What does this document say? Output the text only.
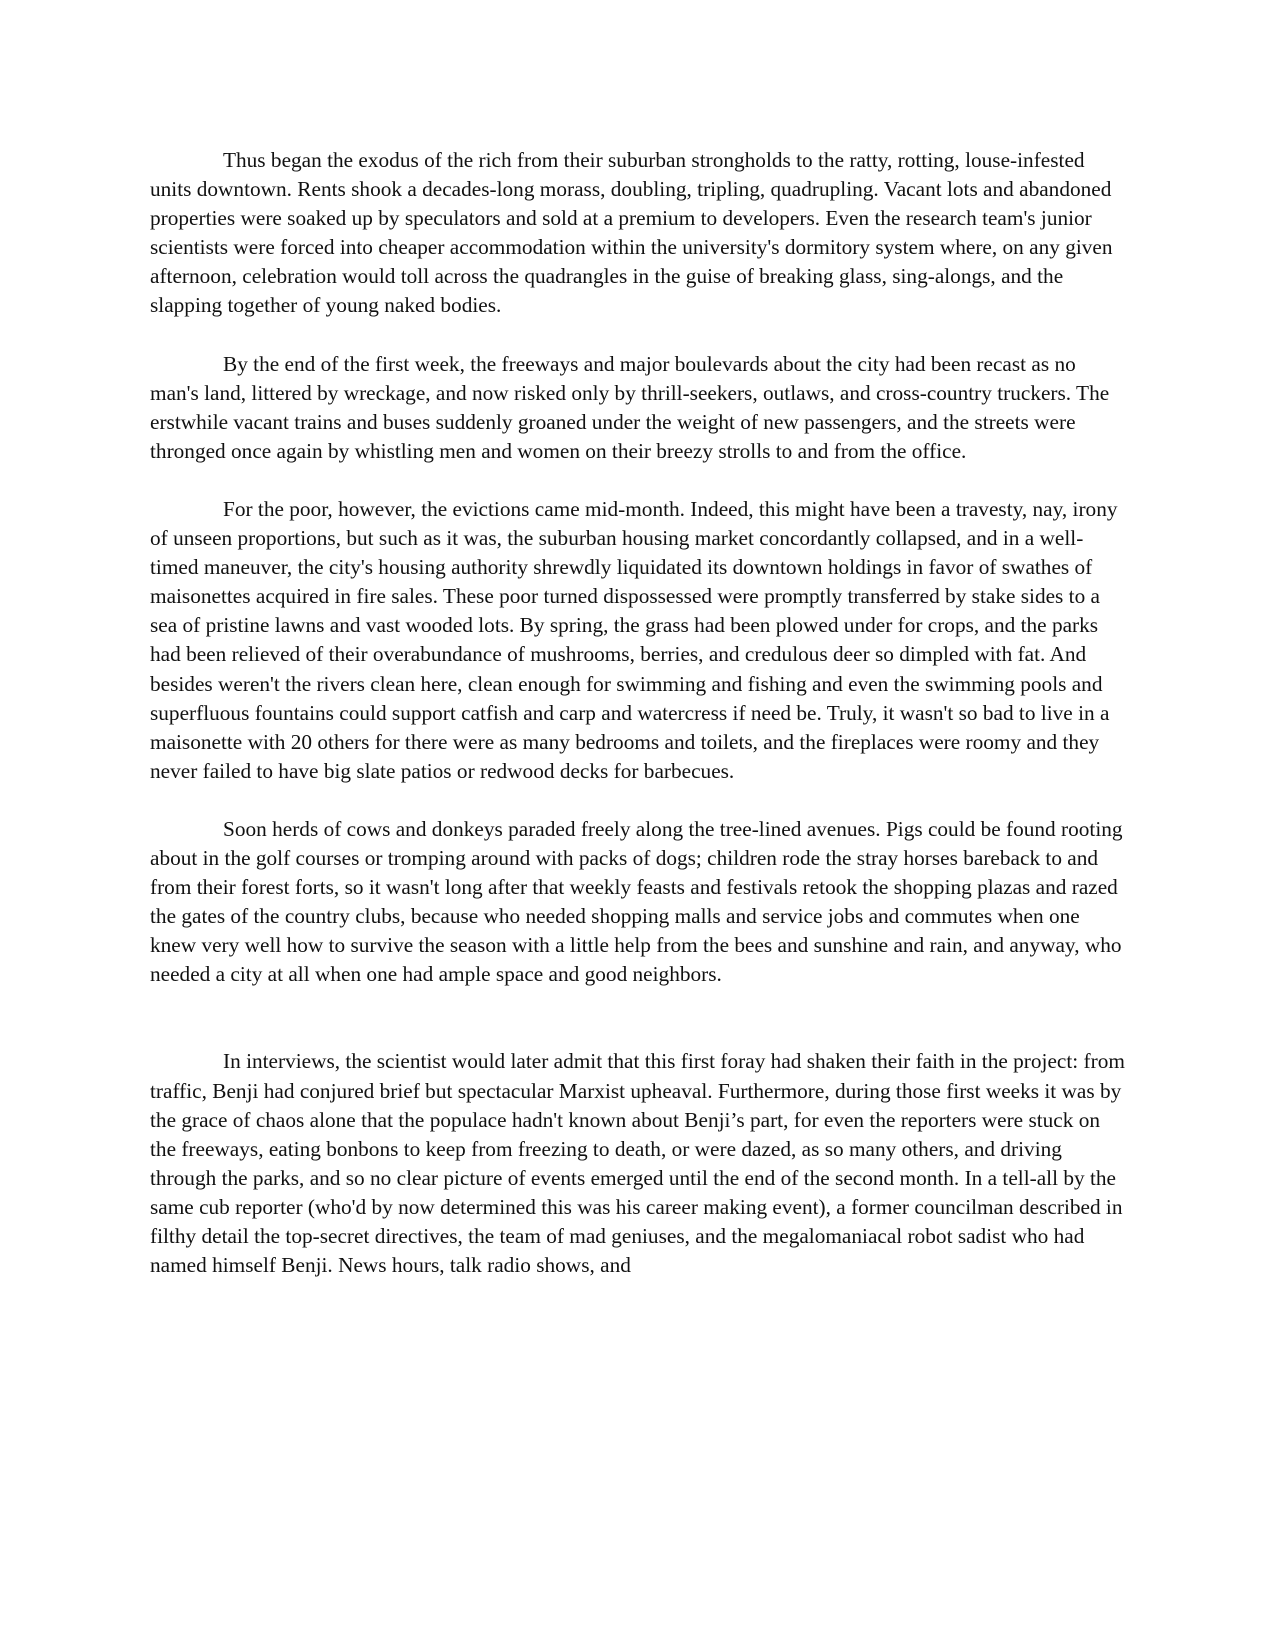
Thus began the exodus of the rich from their suburban strongholds to the ratty, rotting, louse-infested units downtown. Rents shook a decades-long morass, doubling, tripling, quadrupling. Vacant lots and abandoned properties were soaked up by speculators and sold at a premium to developers. Even the research team's junior scientists were forced into cheaper accommodation within the university's dormitory system where, on any given afternoon, celebration would toll across the quadrangles in the guise of breaking glass, sing-alongs, and the slapping together of young naked bodies.

By the end of the first week, the freeways and major boulevards about the city had been recast as no man's land, littered by wreckage, and now risked only by thrill-seekers, outlaws, and cross-country truckers. The erstwhile vacant trains and buses suddenly groaned under the weight of new passengers, and the streets were thronged once again by whistling men and women on their breezy strolls to and from the office.

For the poor, however, the evictions came mid-month. Indeed, this might have been a travesty, nay, irony of unseen proportions, but such as it was, the suburban housing market concordantly collapsed, and in a well-timed maneuver, the city's housing authority shrewdly liquidated its downtown holdings in favor of swathes of maisonettes acquired in fire sales. These poor turned dispossessed were promptly transferred by stake sides to a sea of pristine lawns and vast wooded lots. By spring, the grass had been plowed under for crops, and the parks had been relieved of their overabundance of mushrooms, berries, and credulous deer so dimpled with fat. And besides weren't the rivers clean here, clean enough for swimming and fishing and even the swimming pools and superfluous fountains could support catfish and carp and watercress if need be. Truly, it wasn't so bad to live in a maisonette with 20 others for there were as many bedrooms and toilets, and the fireplaces were roomy and they never failed to have big slate patios or redwood decks for barbecues.

Soon herds of cows and donkeys paraded freely along the tree-lined avenues. Pigs could be found rooting about in the golf courses or tromping around with packs of dogs; children rode the stray horses bareback to and from their forest forts, so it wasn't long after that weekly feasts and festivals retook the shopping plazas and razed the gates of the country clubs, because who needed shopping malls and service jobs and commutes when one knew very well how to survive the season with a little help from the bees and sunshine and rain, and anyway, who needed a city at all when one had ample space and good neighbors.

In interviews, the scientist would later admit that this first foray had shaken their faith in the project: from traffic, Benji had conjured brief but spectacular Marxist upheaval. Furthermore, during those first weeks it was by the grace of chaos alone that the populace hadn't known about Benji’s part, for even the reporters were stuck on the freeways, eating bonbons to keep from freezing to death, or were dazed, as so many others, and driving through the parks, and so no clear picture of events emerged until the end of the second month. In a tell-all by the same cub reporter (who'd by now determined this was his career making event), a former councilman described in filthy detail the top-secret directives, the team of mad geniuses, and the megalomaniacal robot sadist who had named himself Benji. News hours, talk radio shows, and
